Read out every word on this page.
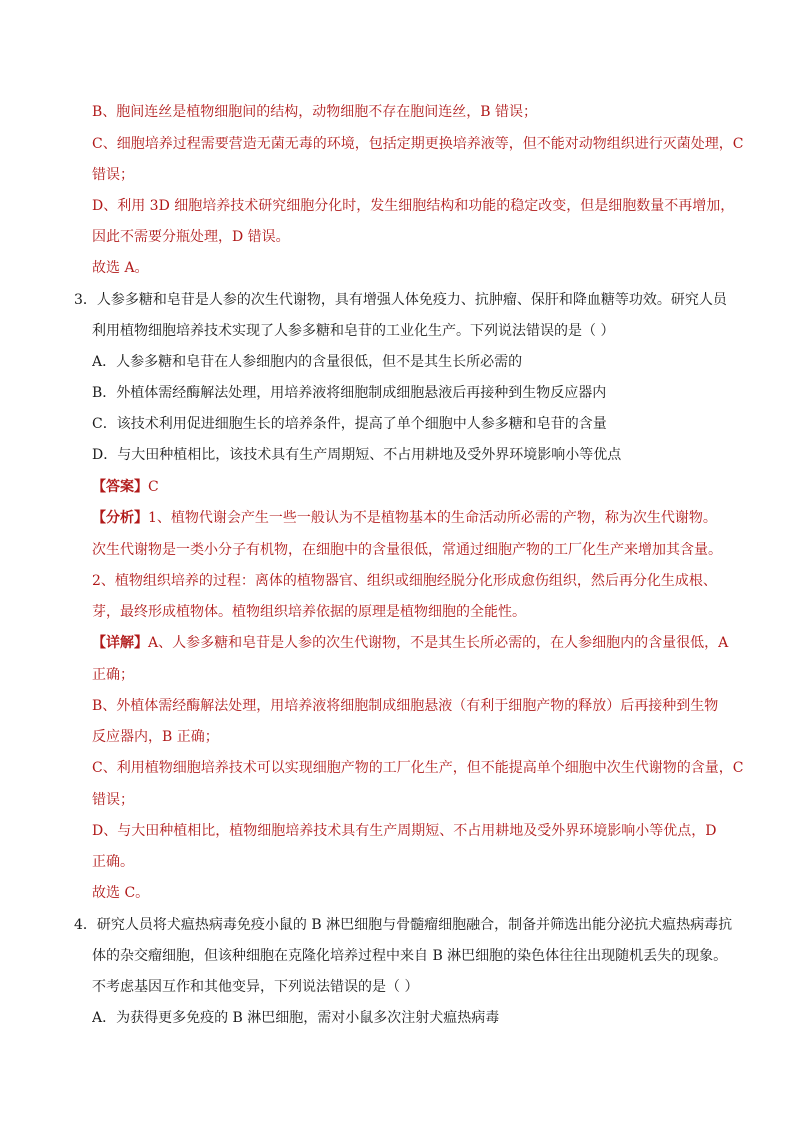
B、胞间连丝是植物细胞间的结构，动物细胞不存在胞间连丝，B 错误；
C、细胞培养过程需要营造无菌无毒的环境，包括定期更换培养液等，但不能对动物组织进行灭菌处理，C
错误；
D、利用 3D 细胞培养技术研究细胞分化时，发生细胞结构和功能的稳定改变，但是细胞数量不再增加，
因此不需要分瓶处理，D 错误。
故选 A。
3．人参多糖和皂苷是人参的次生代谢物，具有增强人体免疫力、抗肿瘤、保肝和降血糖等功效。研究人员
利用植物细胞培养技术实现了人参多糖和皂苷的工业化生产。下列说法错误的是（ ）
A．人参多糖和皂苷在人参细胞内的含量很低，但不是其生长所必需的
B．外植体需经酶解法处理，用培养液将细胞制成细胞悬液后再接种到生物反应器内
C．该技术利用促进细胞生长的培养条件，提高了单个细胞中人参多糖和皂苷的含量
D．与大田种植相比，该技术具有生产周期短、不占用耕地及受外界环境影响小等优点
【答案】C
【分析】1、植物代谢会产生一些一般认为不是植物基本的生命活动所必需的产物，称为次生代谢物。
次生代谢物是一类小分子有机物，在细胞中的含量很低，常通过细胞产物的工厂化生产来增加其含量。
2、植物组织培养的过程：离体的植物器官、组织或细胞经脱分化形成愈伤组织，然后再分化生成根、
芽，最终形成植物体。植物组织培养依据的原理是植物细胞的全能性。
【详解】A、人参多糖和皂苷是人参的次生代谢物，不是其生长所必需的，在人参细胞内的含量很低，A
正确；
B、外植体需经酶解法处理，用培养液将细胞制成细胞悬液（有利于细胞产物的释放）后再接种到生物
反应器内，B 正确；
C、利用植物细胞培养技术可以实现细胞产物的工厂化生产，但不能提高单个细胞中次生代谢物的含量，C
错误；
D、与大田种植相比，植物细胞培养技术具有生产周期短、不占用耕地及受外界环境影响小等优点，D
正确。
故选 C。
4．研究人员将犬瘟热病毒免疫小鼠的 B 淋巴细胞与骨髓瘤细胞融合，制备并筛选出能分泌抗犬瘟热病毒抗
体的杂交瘤细胞，但该种细胞在克隆化培养过程中来自 B 淋巴细胞的染色体往往出现随机丢失的现象。
不考虑基因互作和其他变异，下列说法错误的是（ ）
A．为获得更多免疫的 B 淋巴细胞，需对小鼠多次注射犬瘟热病毒
